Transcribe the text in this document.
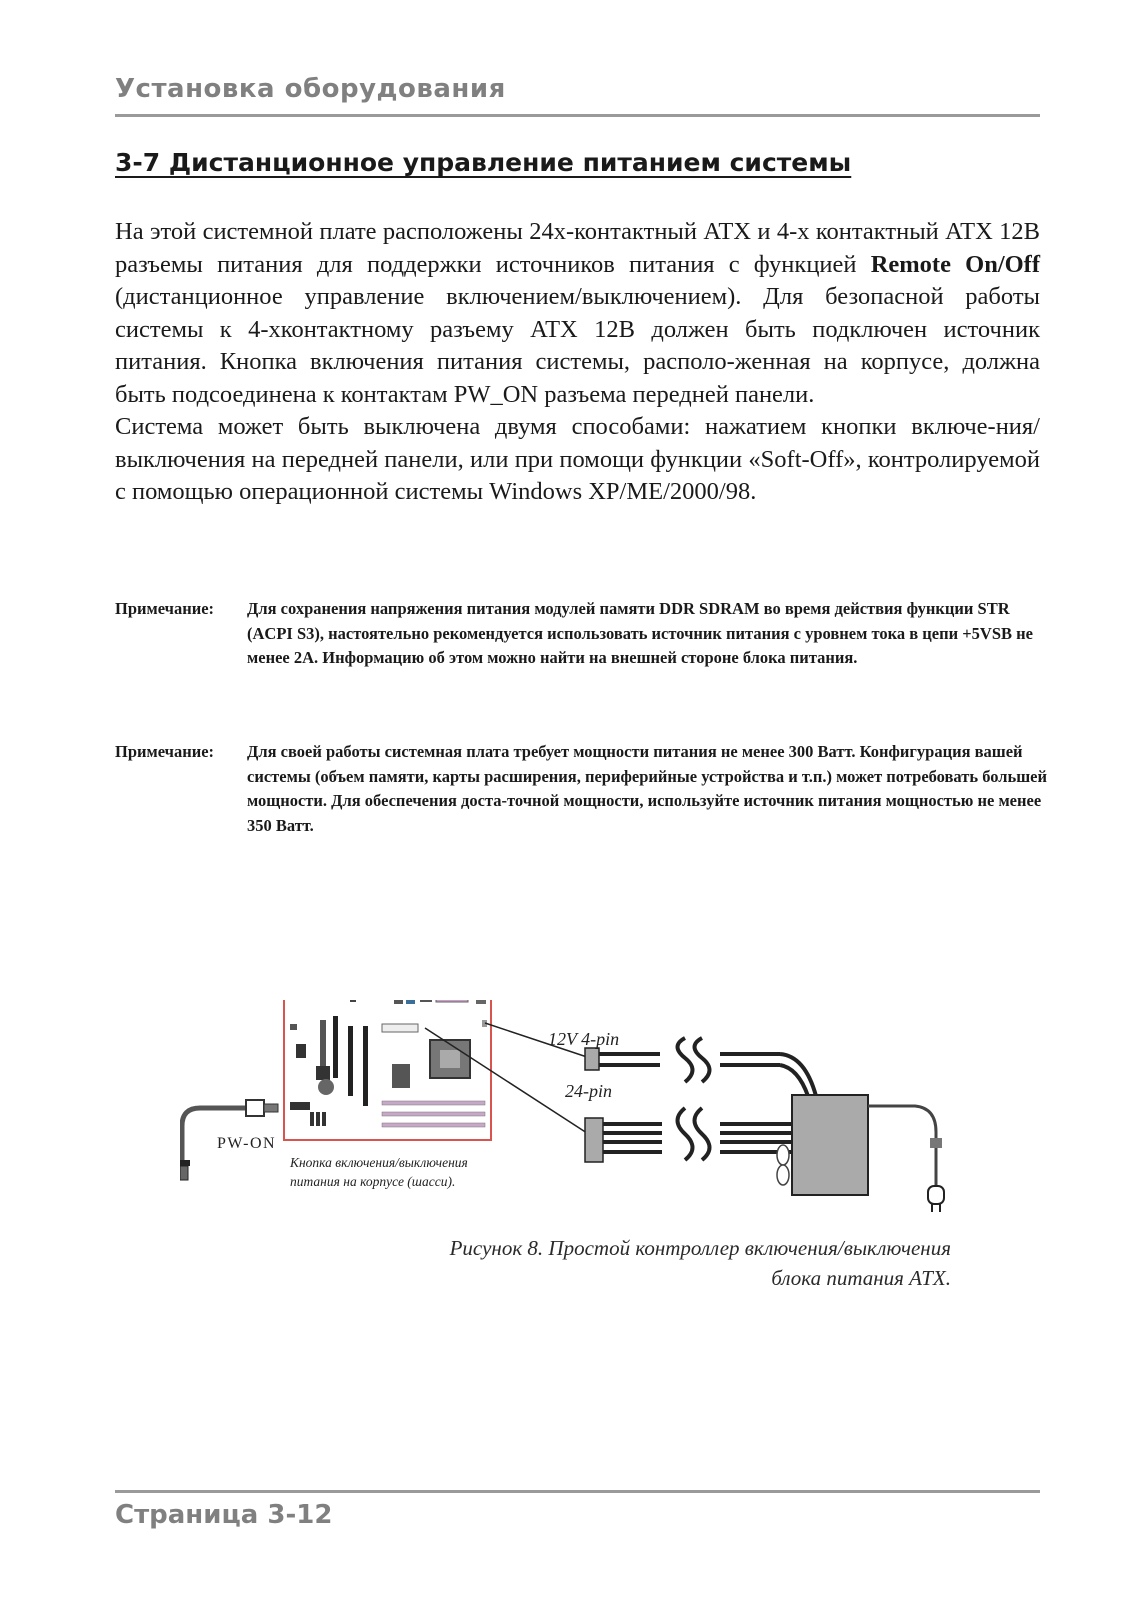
Установка оборудования
3-7 Дистанционное управление питанием системы

На этой системной плате расположены 24х-контактный ATX и 4-х контактный ATX 12В разъемы питания для поддержки источников питания с функцией Remote On/Off (дистанционное управление включением/выключением). Для безопасной работы системы к 4-хконтактному разъему ATX 12В должен быть подключен источник питания. Кнопка включения питания системы, располо-женная на корпусе, должна быть подсоединена к контактам PW_ON разъема передней панели.

Система может быть выключена двумя способами: нажатием кнопки включе-ния/выключения на передней панели, или при помощи функции «Soft-Off», контролируемой с помощью операционной системы Windows XP/ME/2000/98.

Примечание:	Для сохранения напряжения питания модулей памяти DDR SDRAM во время действия функции STR (ACPI S3), настоятельно рекомендуется использовать источник питания с уровнем тока в цепи +5VSB не менее 2А. Информацию об этом можно найти на внешней стороне блока питания.
Примечание:	Для своей работы системная плата требует мощности питания не менее 300 Ватт. Конфигурация вашей системы (объем памяти, карты расширения, периферийные устройства и т.п.) может потребовать большей мощности. Для обеспечения доста-точной мощности, используйте источник питания мощностью не менее 350 Ватт.
12V 4-pin
24-pin
PW-ON
Кнопка включения/выключения
питания на корпусе (шасси).
Рисунок 8. Простой контроллер включения/выключения
блока питания ATX.
Страница 3-12
